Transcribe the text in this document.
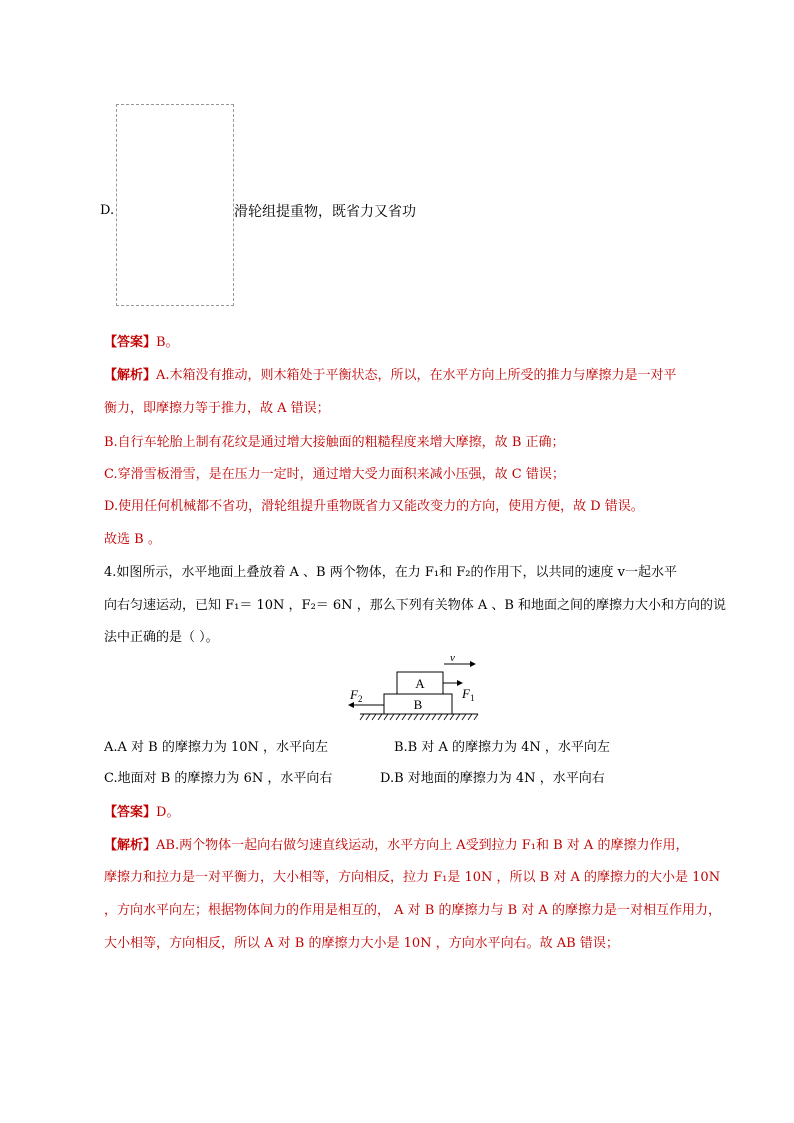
D.	滑轮组提重物，既省力又省功
【答案】B。
【解析】A.木箱没有推动，则木箱处于平衡状态，所以，在水平方向上所受的推力与摩擦力是一对平
衡力，即摩擦力等于推力，故 A 错误；
B.自行车轮胎上制有花纹是通过增大接触面的粗糙程度来增大摩擦，故 B 正确；
C.穿滑雪板滑雪，是在压力一定时，通过增大受力面积来减小压强，故 C 错误；
D.使用任何机械都不省功，滑轮组提升重物既省力又能改变力的方向，使用方便，故 D 错误。
故选 B 。
4.如图所示，水平地面上叠放着 A 、B 两个物体，在力 F₁和 F₂的作用下，以共同的速度 v一起水平
向右匀速运动，已知 F₁＝ 10N ，F₂＝ 6N ，那么下列有关物体 A 、B 和地面之间的摩擦力大小和方向的说
法中正确的是（ ）。
v
A
$F_1$
B
$F_2$
A.A 对 B 的摩擦力为 10N ，水平向左	B.B 对 A 的摩擦力为 4N ，水平向左
C.地面对 B 的摩擦力为 6N ，水平向右	D.B 对地面的摩擦力为 4N ，水平向右
【答案】D。
【解析】AB.两个物体一起向右做匀速直线运动，水平方向上 A受到拉力 F₁和 B 对 A 的摩擦力作用，
摩擦力和拉力是一对平衡力，大小相等，方向相反，拉力 F₁是 10N ，所以 B 对 A 的摩擦力的大小是 10N
，方向水平向左；根据物体间力的作用是相互的， A 对 B 的摩擦力与 B 对 A 的摩擦力是一对相互作用力，
大小相等，方向相反，所以 A 对 B 的摩擦力大小是 10N ，方向水平向右。故 AB 错误；
